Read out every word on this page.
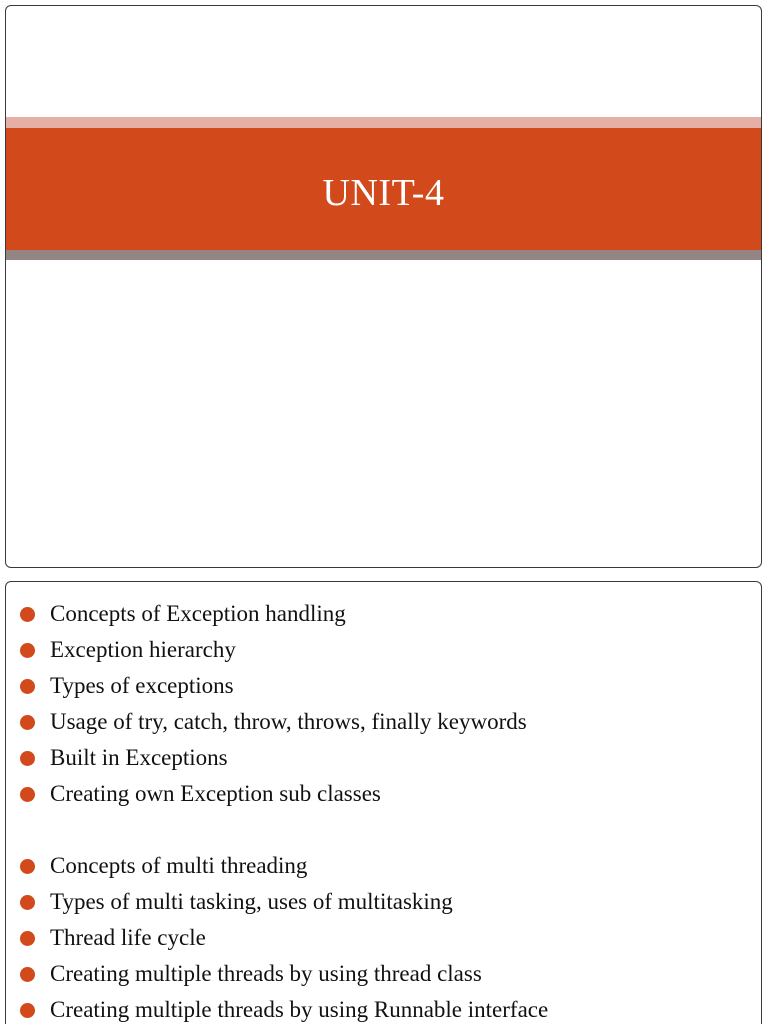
UNIT-4
Concepts of Exception handling
Exception hierarchy
Types of exceptions
Usage of try, catch, throw, throws, finally keywords
Built in Exceptions
Creating own Exception sub classes
Concepts of multi threading
Types of multi tasking, uses of multitasking
Thread life cycle
Creating multiple threads by using thread class
Creating multiple threads by using Runnable interface
